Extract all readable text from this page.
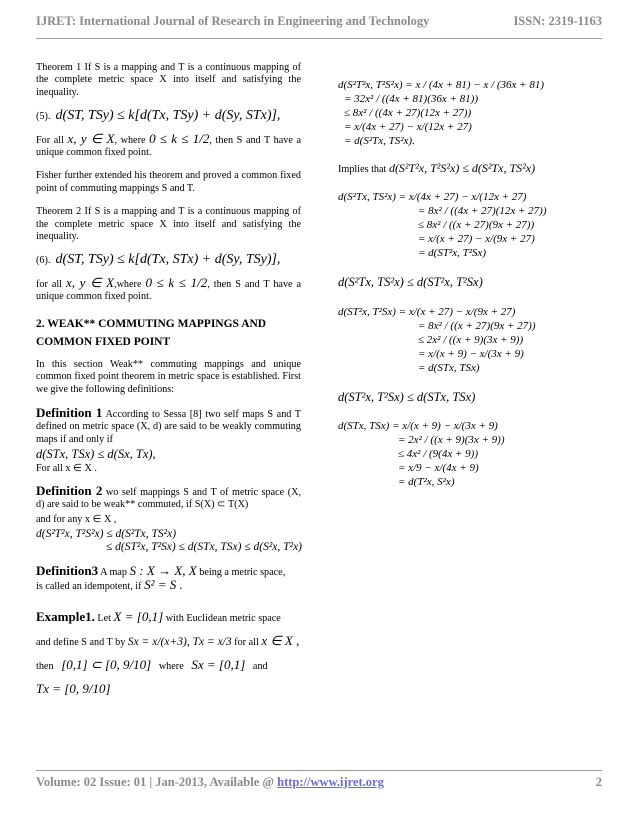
IJRET: International Journal of Research in Engineering and Technology	ISSN: 2319-1163

Theorem 1 If S is a mapping and T is a continuous mapping of the complete metric space X into itself and satisfying the inequality.

(5). d(ST, TSy) ≤ k[d(Tx, TSy) + d(Sy, STx)],

For all x, y ∈ X, where 0 ≤ k ≤ 1/2, then S and T have a unique common fixed point.

Fisher further extended his theorem and proved a common fixed point of commuting mappings S and T.

Theorem 2 If S is a mapping and T is a continuous mapping of the complete metric space X into itself and satisfying the inequality.

(6). d(ST, TSy) ≤ k[d(Tx, STx) + d(Sy, TSy)],

for all x, y ∈ X,where 0 ≤ k ≤ 1/2, then S and T have a unique common fixed point.

2. WEAK** COMMUTING MAPPINGS AND COMMON FIXED POINT

In this section Weak** commuting mappings and unique common fixed point theorem in metric space is established. First we give the following definitions:

Definition 1 According to Sessa [8] two self maps S and T defined on metric space (X, d) are said to be weakly commuting maps if and only if

d(STx, TSx) ≤ d(Sx, Tx),
For all x ∈ X .

Definition 2 wo self mappings S and T of metric space (X, d) are said to be weak** commuted, if S(X) ⊂ T(X)

and for any x ∈ X ,
d(S²T²x, T²S²x) ≤ d(S²Tx, TS²x)
≤ d(ST²x, T²Sx) ≤ d(STx, TSx) ≤ d(S²x, T²x)

Definition3 A map S : X → X, X being a metric space,
is called an idempotent, if S² = S .

Example1. Let X = [0,1] with Euclidean metric space
and define S and T by Sx = x/(x+3), Tx = x/3 for all x ∈ X ,
then [0,1] ⊂ [0, 9/10] where Sx = [0,1] and
Tx = [0, 9/10]

d(S²T²x, T²S²x) = x / (4x + 81) − x / (36x + 81)
= 32x² / ((4x + 81)(36x + 81))
≤ 8x² / ((4x + 27)(12x + 27))
= x/(4x + 27) − x/(12x + 27)
= d(S²Tx, TS²x).
Implies that d(S²T²x, T²S²x) ≤ d(S²Tx, TS²x)
d(S²Tx, TS²x) = x/(4x + 27) − x/(12x + 27)
= 8x² / ((4x + 27)(12x + 27))
≤ 8x² / ((x + 27)(9x + 27))
= x/(x + 27) − x/(9x + 27)
= d(ST²x, T²Sx)
d(S²Tx, TS²x) ≤ d(ST²x, T²Sx)
d(ST²x, T²Sx) = x/(x + 27) − x/(9x + 27)
= 8x² / ((x + 27)(9x + 27))
≤ 2x² / ((x + 9)(3x + 9))
= x/(x + 9) − x/(3x + 9)
= d(STx, TSx)
d(ST²x, T²Sx) ≤ d(STx, TSx)
d(STx, TSx) = x/(x + 9) − x/(3x + 9)
= 2x² / ((x + 9)(3x + 9))
≤ 4x² / (9(4x + 9))
= x/9 − x/(4x + 9)
= d(T²x, S²x)
Volume: 02 Issue: 01 | Jan-2013, Available @ http://www.ijret.org	2
